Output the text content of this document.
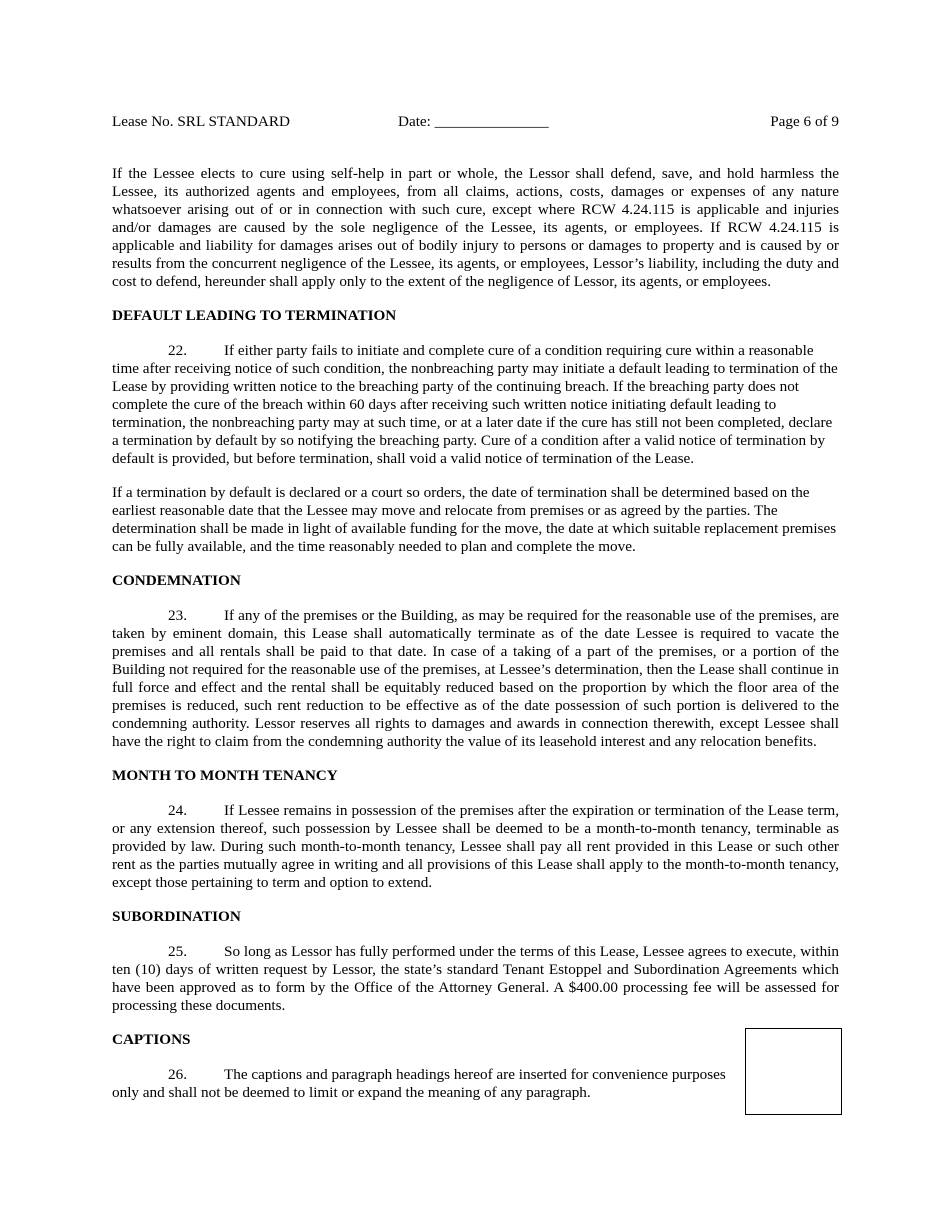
Lease No. SRL STANDARD	Date: _______________	Page 6 of 9

If the Lessee elects to cure using self-help in part or whole, the Lessor shall defend, save, and hold harmless the Lessee, its authorized agents and employees, from all claims, actions, costs, damages or expenses of any nature whatsoever arising out of or in connection with such cure, except where RCW 4.24.115 is applicable and injuries and/or damages are caused by the sole negligence of the Lessee, its agents, or employees. If RCW 4.24.115 is applicable and liability for damages arises out of bodily injury to persons or damages to property and is caused by or results from the concurrent negligence of the Lessee, its agents, or employees, Lessor’s liability, including the duty and cost to defend, hereunder shall apply only to the extent of the negligence of Lessor, its agents, or employees.

DEFAULT LEADING TO TERMINATION

22. If either party fails to initiate and complete cure of a condition requiring cure within a reasonable time after receiving notice of such condition, the nonbreaching party may initiate a default leading to termination of the Lease by providing written notice to the breaching party of the continuing breach. If the breaching party does not complete the cure of the breach within 60 days after receiving such written notice initiating default leading to termination, the nonbreaching party may at such time, or at a later date if the cure has still not been completed, declare a termination by default by so notifying the breaching party. Cure of a condition after a valid notice of termination by default is provided, but before termination, shall void a valid notice of termination of the Lease.

If a termination by default is declared or a court so orders, the date of termination shall be determined based on the earliest reasonable date that the Lessee may move and relocate from premises or as agreed by the parties. The determination shall be made in light of available funding for the move, the date at which suitable replacement premises can be fully available, and the time reasonably needed to plan and complete the move.

CONDEMNATION

23. If any of the premises or the Building, as may be required for the reasonable use of the premises, are taken by eminent domain, this Lease shall automatically terminate as of the date Lessee is required to vacate the premises and all rentals shall be paid to that date. In case of a taking of a part of the premises, or a portion of the Building not required for the reasonable use of the premises, at Lessee’s determination, then the Lease shall continue in full force and effect and the rental shall be equitably reduced based on the proportion by which the floor area of the premises is reduced, such rent reduction to be effective as of the date possession of such portion is delivered to the condemning authority. Lessor reserves all rights to damages and awards in connection therewith, except Lessee shall have the right to claim from the condemning authority the value of its leasehold interest and any relocation benefits.

MONTH TO MONTH TENANCY

24. If Lessee remains in possession of the premises after the expiration or termination of the Lease term, or any extension thereof, such possession by Lessee shall be deemed to be a month-to-month tenancy, terminable as provided by law. During such month-to-month tenancy, Lessee shall pay all rent provided in this Lease or such other rent as the parties mutually agree in writing and all provisions of this Lease shall apply to the month-to-month tenancy, except those pertaining to term and option to extend.

SUBORDINATION

25. So long as Lessor has fully performed under the terms of this Lease, Lessee agrees to execute, within ten (10) days of written request by Lessor, the state’s standard Tenant Estoppel and Subordination Agreements which have been approved as to form by the Office of the Attorney General. A $400.00 processing fee will be assessed for processing these documents.

CAPTIONS

26. The captions and paragraph headings hereof are inserted for convenience purposes only and shall not be deemed to limit or expand the meaning of any paragraph.
